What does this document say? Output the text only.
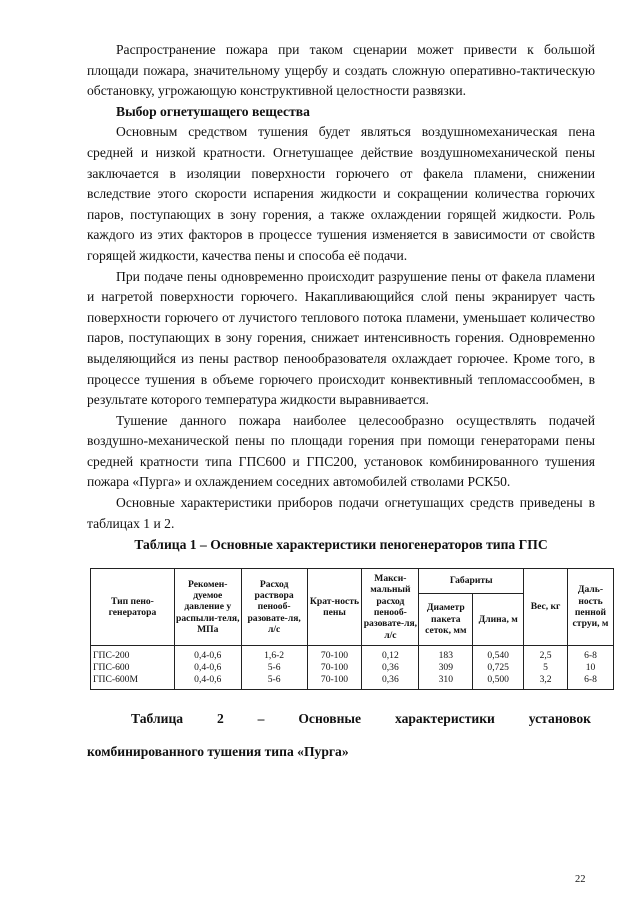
Распространение пожара при таком сценарии может привести к большой площади пожара, значительному ущербу и создать сложную оперативно-тактическую обстановку, угрожающую конструктивной целостности развязки.

Выбор огнетушащего вещества

Основным средством тушения будет являться воздушномеханическая пена средней и низкой кратности. Огнетушащее действие воздушномеханической пены заключается в изоляции поверхности горючего от факела пламени, снижении вследствие этого скорости испарения жидкости и сокращении количества горючих паров, поступающих в зону горения, а также охлаждении горящей жидкости. Роль каждого из этих факторов в процессе тушения изменяется в зависимости от свойств горящей жидкости, качества пены и способа её подачи.

При подаче пены одновременно происходит разрушение пены от факела пламени и нагретой поверхности горючего. Накапливающийся слой пены экранирует часть поверхности горючего от лучистого теплового потока пламени, уменьшает количество паров, поступающих в зону горения, снижает интенсивность горения. Одновременно выделяющийся из пены раствор пенообразователя охлаждает горючее. Кроме того, в процессе тушения в объеме горючего происходит конвективный тепломассообмен, в результате которого температура жидкости выравнивается.

Тушение данного пожара наиболее целесообразно осуществлять подачей воздушно-механической пены по площади горения при помощи генераторами пены средней кратности типа ГПС600 и ГПС200, установок комбинированного тушения пожара «Пурга» и охлаждением соседних автомобилей стволами РСК50.

Основные характеристики приборов подачи огнетушащих средств приведены в таблицах 1 и 2.

Таблица 1 – Основные характеристики пеногенераторов типа ГПС
Тип пено-генератора	Рекомен-дуемое давление у распыли-теля, МПа	Расход раствора пенооб-разовате-ля, л/с	Крат-ность пены	Макси-мальный расход пенооб-разовате-ля, л/с	Габариты		Вес, кг	Даль-ность пенной струи, м
					Диаметр пакета сеток, мм	Длина, м		
ГПС-200	0,4-0,6	1,6-2	70-100	0,12	183	0,540	2,5	6-8
ГПС-600	0,4-0,6	5-6	70-100	0,36	309	0,725	5	10
ГПС-600М	0,4-0,6	5-6	70-100	0,36	310	0,500	3,2	6-8
Таблица 2 – Основные характеристики установок
комбинированного тушения типа «Пурга»
22
